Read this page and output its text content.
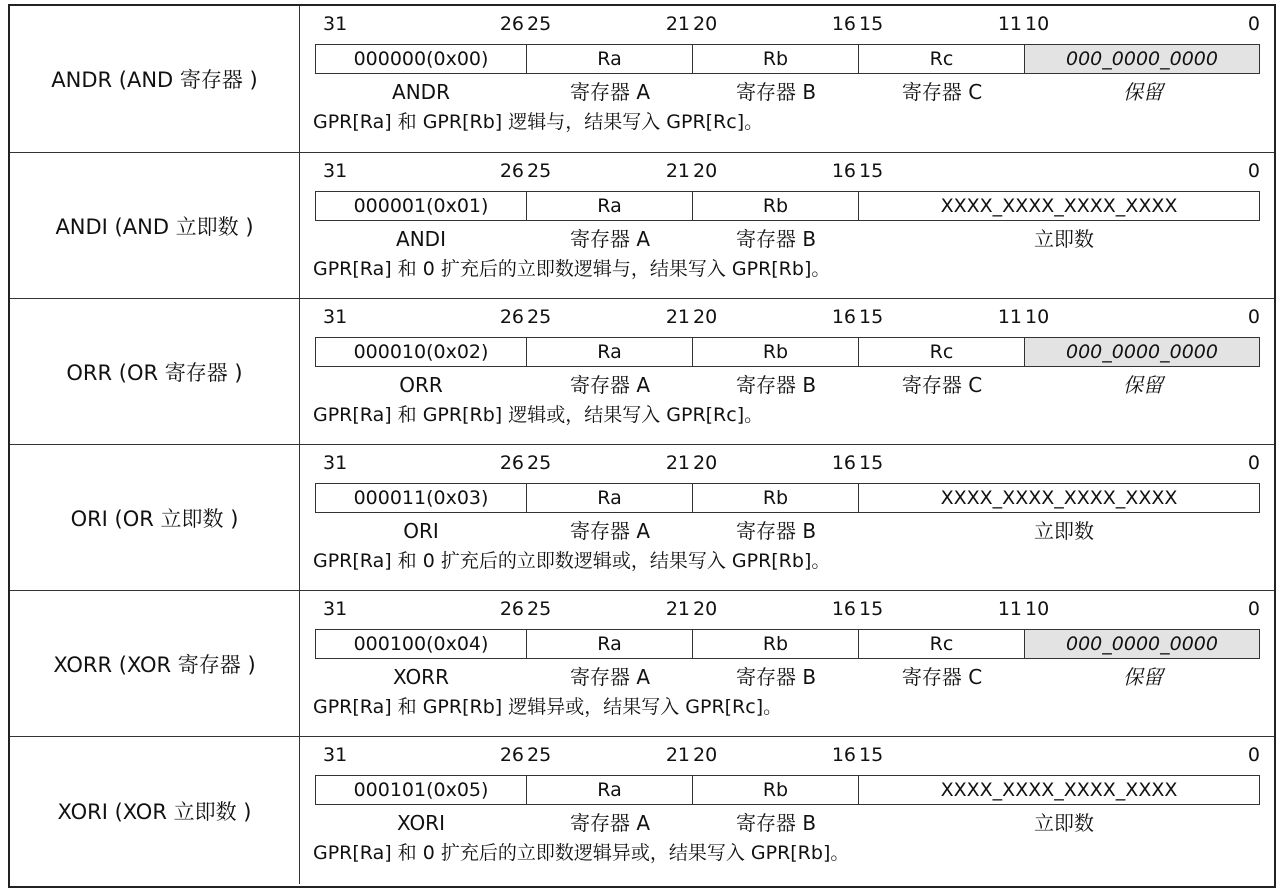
ANDR (AND 寄存器 )
31	26 25	21 20	16 15	11 10	0
000000(0x00)	Ra	Rb	Rc	000_0000_0000
ANDR	寄存器 A	寄存器 B	寄存器 C	保留
GPR[Ra] 和 GPR[Rb] 逻辑与，结果写入 GPR[Rc]。
ANDI (AND 立即数 )
31	26 25	21 20	16 15	0
000001(0x01)	Ra	Rb	XXXX_XXXX_XXXX_XXXX
ANDI	寄存器 A	寄存器 B	立即数
GPR[Ra] 和 0 扩充后的立即数逻辑与，结果写入 GPR[Rb]。
ORR (OR 寄存器 )
31	26 25	21 20	16 15	11 10	0
000010(0x02)	Ra	Rb	Rc	000_0000_0000
ORR	寄存器 A	寄存器 B	寄存器 C	保留
GPR[Ra] 和 GPR[Rb] 逻辑或，结果写入 GPR[Rc]。
ORI (OR 立即数 )
31	26 25	21 20	16 15	0
000011(0x03)	Ra	Rb	XXXX_XXXX_XXXX_XXXX
ORI	寄存器 A	寄存器 B	立即数
GPR[Ra] 和 0 扩充后的立即数逻辑或，结果写入 GPR[Rb]。
XORR (XOR 寄存器 )
31	26 25	21 20	16 15	11 10	0
000100(0x04)	Ra	Rb	Rc	000_0000_0000
XORR	寄存器 A	寄存器 B	寄存器 C	保留
GPR[Ra] 和 GPR[Rb] 逻辑异或，结果写入 GPR[Rc]。
XORI (XOR 立即数 )
31	26 25	21 20	16 15	0
000101(0x05)	Ra	Rb	XXXX_XXXX_XXXX_XXXX
XORI	寄存器 A	寄存器 B	立即数
GPR[Ra] 和 0 扩充后的立即数逻辑异或，结果写入 GPR[Rb]。
